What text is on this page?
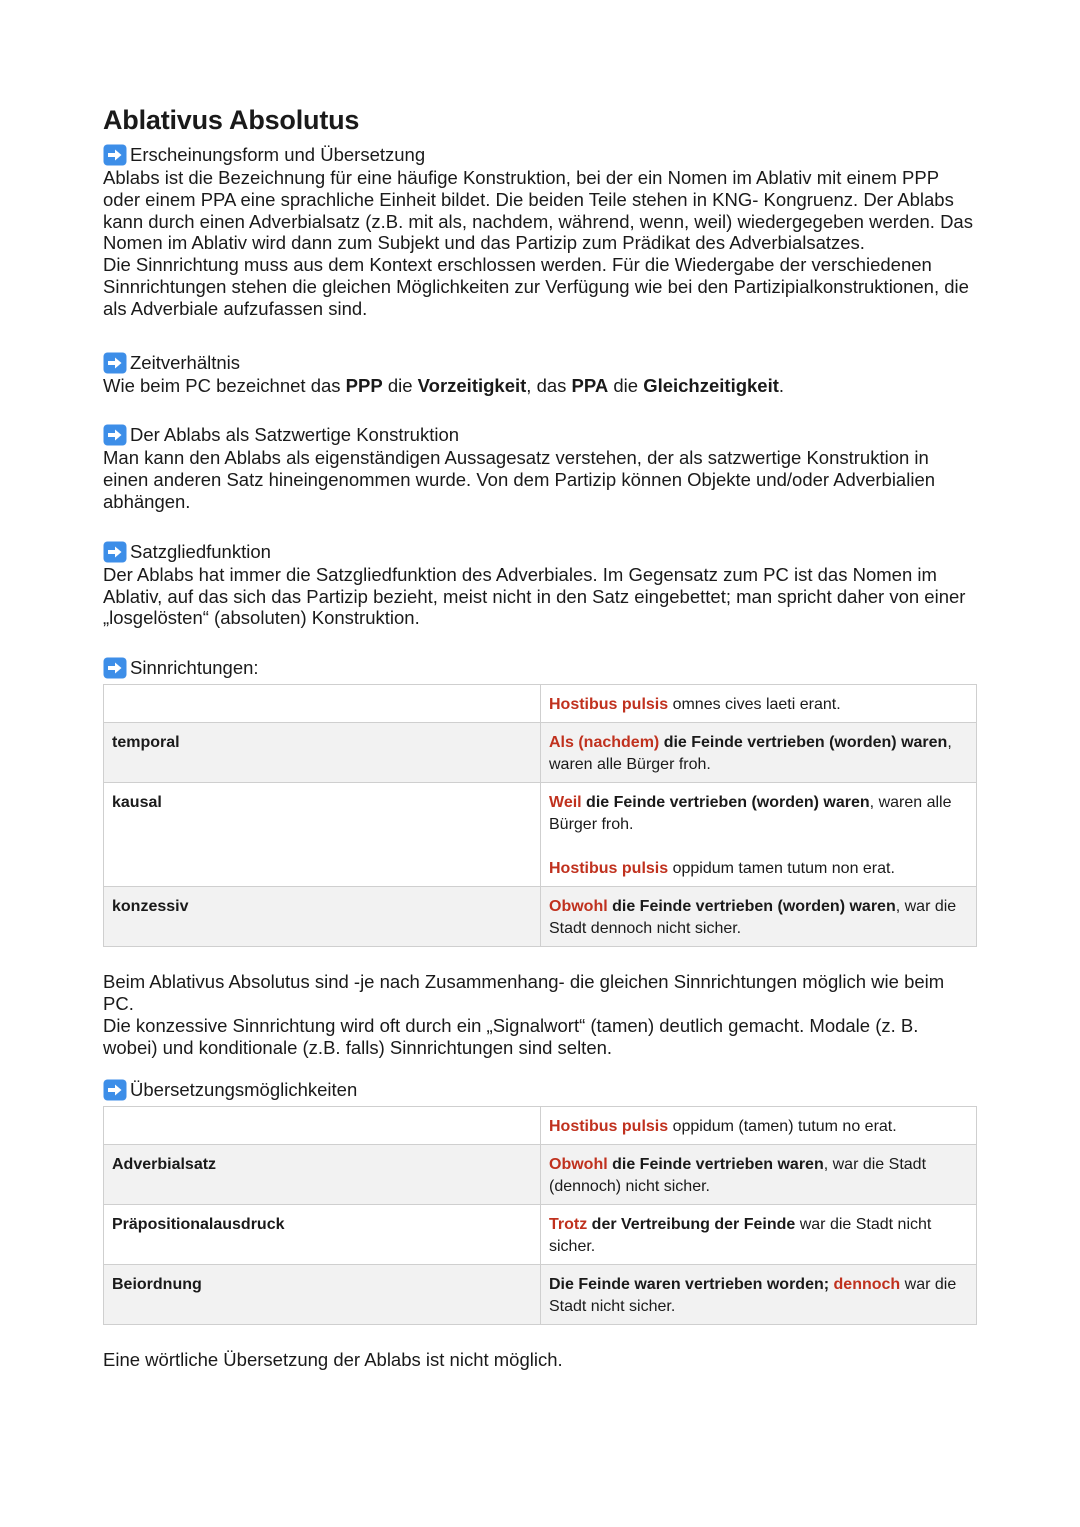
Ablativus Absolutus
Erscheinungsform und Übersetzung

Ablabs ist die Bezeichnung für eine häufige Konstruktion, bei der ein Nomen im Ablativ mit einem PPP oder einem PPA eine sprachliche Einheit bildet. Die beiden Teile stehen in KNG- Kongruenz. Der Ablabs kann durch einen Adverbialsatz (z.B. mit als, nachdem, während, wenn, weil) wiedergegeben werden. Das Nomen im Ablativ wird dann zum Subjekt und das Partizip zum Prädikat des Adverbialsatzes.

Die Sinnrichtung muss aus dem Kontext erschlossen werden. Für die Wiedergabe der verschiedenen Sinnrichtungen stehen die gleichen Möglichkeiten zur Verfügung wie bei den Partizipialkonstruktionen, die als Adverbiale aufzufassen sind.

Zeitverhältnis

Wie beim PC bezeichnet das PPP die Vorzeitigkeit, das PPA die Gleichzeitigkeit.

Der Ablabs als Satzwertige Konstruktion

Man kann den Ablabs als eigenständigen Aussagesatz verstehen, der als satzwertige Konstruktion in einen anderen Satz hineingenommen wurde. Von dem Partizip können Objekte und/oder Adverbialien abhängen.

Satzgliedfunktion

Der Ablabs hat immer die Satzgliedfunktion des Adverbiales. Im Gegensatz zum PC ist das Nomen im Ablativ, auf das sich das Partizip bezieht, meist nicht in den Satz eingebettet; man spricht daher von einer „losgelösten“ (absoluten) Konstruktion.

Sinnrichtungen:
	Hostibus pulsis omnes cives laeti erant.
temporal	Als (nachdem) die Feinde vertrieben (worden) waren, waren alle Bürger froh.
kausal	Weil die Feinde vertrieben (worden) waren, waren alle Bürger froh.
Hostibus pulsis oppidum tamen tutum non erat.
konzessiv	Obwohl die Feinde vertrieben (worden) waren, war die Stadt dennoch nicht sicher.

Beim Ablativus Absolutus sind -je nach Zusammenhang- die gleichen Sinnrichtungen möglich wie beim PC.

Die konzessive Sinnrichtung wird oft durch ein „Signalwort“ (tamen) deutlich gemacht. Modale (z. B. wobei) und konditionale (z.B. falls) Sinnrichtungen sind selten.

Übersetzungsmöglichkeiten
	Hostibus pulsis oppidum (tamen) tutum no erat.
Adverbialsatz	Obwohl die Feinde vertrieben waren, war die Stadt (dennoch) nicht sicher.
Präpositionalausdruck	Trotz der Vertreibung der Feinde war die Stadt nicht sicher.
Beiordnung	Die Feinde waren vertrieben worden; dennoch war die Stadt nicht sicher.

Eine wörtliche Übersetzung der Ablabs ist nicht möglich.
